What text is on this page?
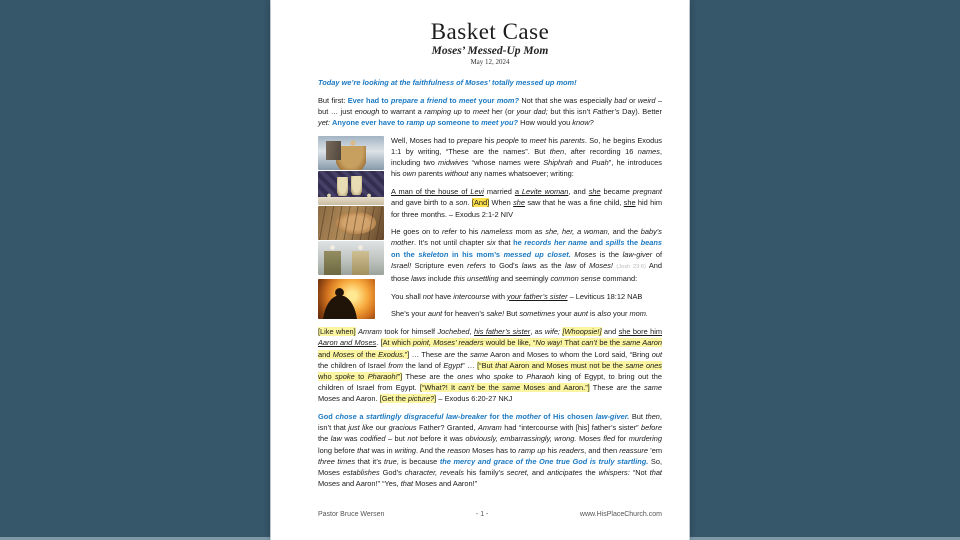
Basket Case
Moses’ Messed-Up Mom
May 12, 2024

Today we’re looking at the faithfulness of Moses’ totally messed up mom!

But first: Ever had to prepare a friend to meet your mom? Not that she was especially bad or weird – but … just enough to warrant a ramping up to meet her (or your dad; but this isn’t Father’s Day). Better yet: Anyone ever have to ramp up someone to meet you? How would you know?

Well, Moses had to prepare his people to meet his parents. So, he begins Exodus 1:1 by writing, “These are the names”. But then, after recording 16 names, including two midwives “whose names were Shiphrah and Puah”, he introduces his own parents without any names whatsoever; writing:

A man of the house of Levi married a Levite woman, and she became pregnant and gave birth to a son. [And] When she saw that he was a fine child, she hid him for three months. – Exodus 2:1-2 NIV

He goes on to refer to his nameless mom as she, her, a woman, and the baby’s mother. It’s not until chapter six that he records her name and spills the beans on the skeleton in his mom’s messed up closet. Moses is the law-giver of Israel! Scripture even refers to God’s laws as the law of Moses! (Josh 23:6) And those laws include this unsettling and seemingly common sense command:

You shall not have intercourse with your father’s sister – Leviticus 18:12 NAB

She’s your aunt for heaven’s sake! But sometimes your aunt is also your mom.

[Like when] Amram took for himself Jochebed, his father’s sister, as wife; [Whoopsie!] and she bore him Aaron and Moses. [At which point, Moses’ readers would be like, “No way! That can’t be the same Aaron and Moses of the Exodus.”] … These are the same Aaron and Moses to whom the Lord said, “Bring out the children of Israel from the land of Egypt” … [“But that Aaron and Moses must not be the same ones who spoke to Pharaoh!”] These are the ones who spoke to Pharaoh king of Egypt, to bring out the children of Israel from Egypt. [“What?! It can’t be the same Moses and Aaron.”] These are the same Moses and Aaron. [Get the picture?] – Exodus 6:20-27 NKJ

God chose a startlingly disgraceful law-breaker for the mother of His chosen law-giver. But then, isn’t that just like our gracious Father? Granted, Amram had “intercourse with [his] father’s sister” before the law was codified – but not before it was obviously, embarrassingly, wrong. Moses fled for murdering long before that was in writing. And the reason Moses has to ramp up his readers, and then reassure ’em three times that it’s true, is because the mercy and grace of the One true God is truly startling. So, Moses establishes God’s character, reveals his family’s secret, and anticipates the whispers: “Not that Moses and Aaron!” “Yes, that Moses and Aaron!”

Pastor Bruce Wersen	- 1 -	www.HisPlaceChurch.com
